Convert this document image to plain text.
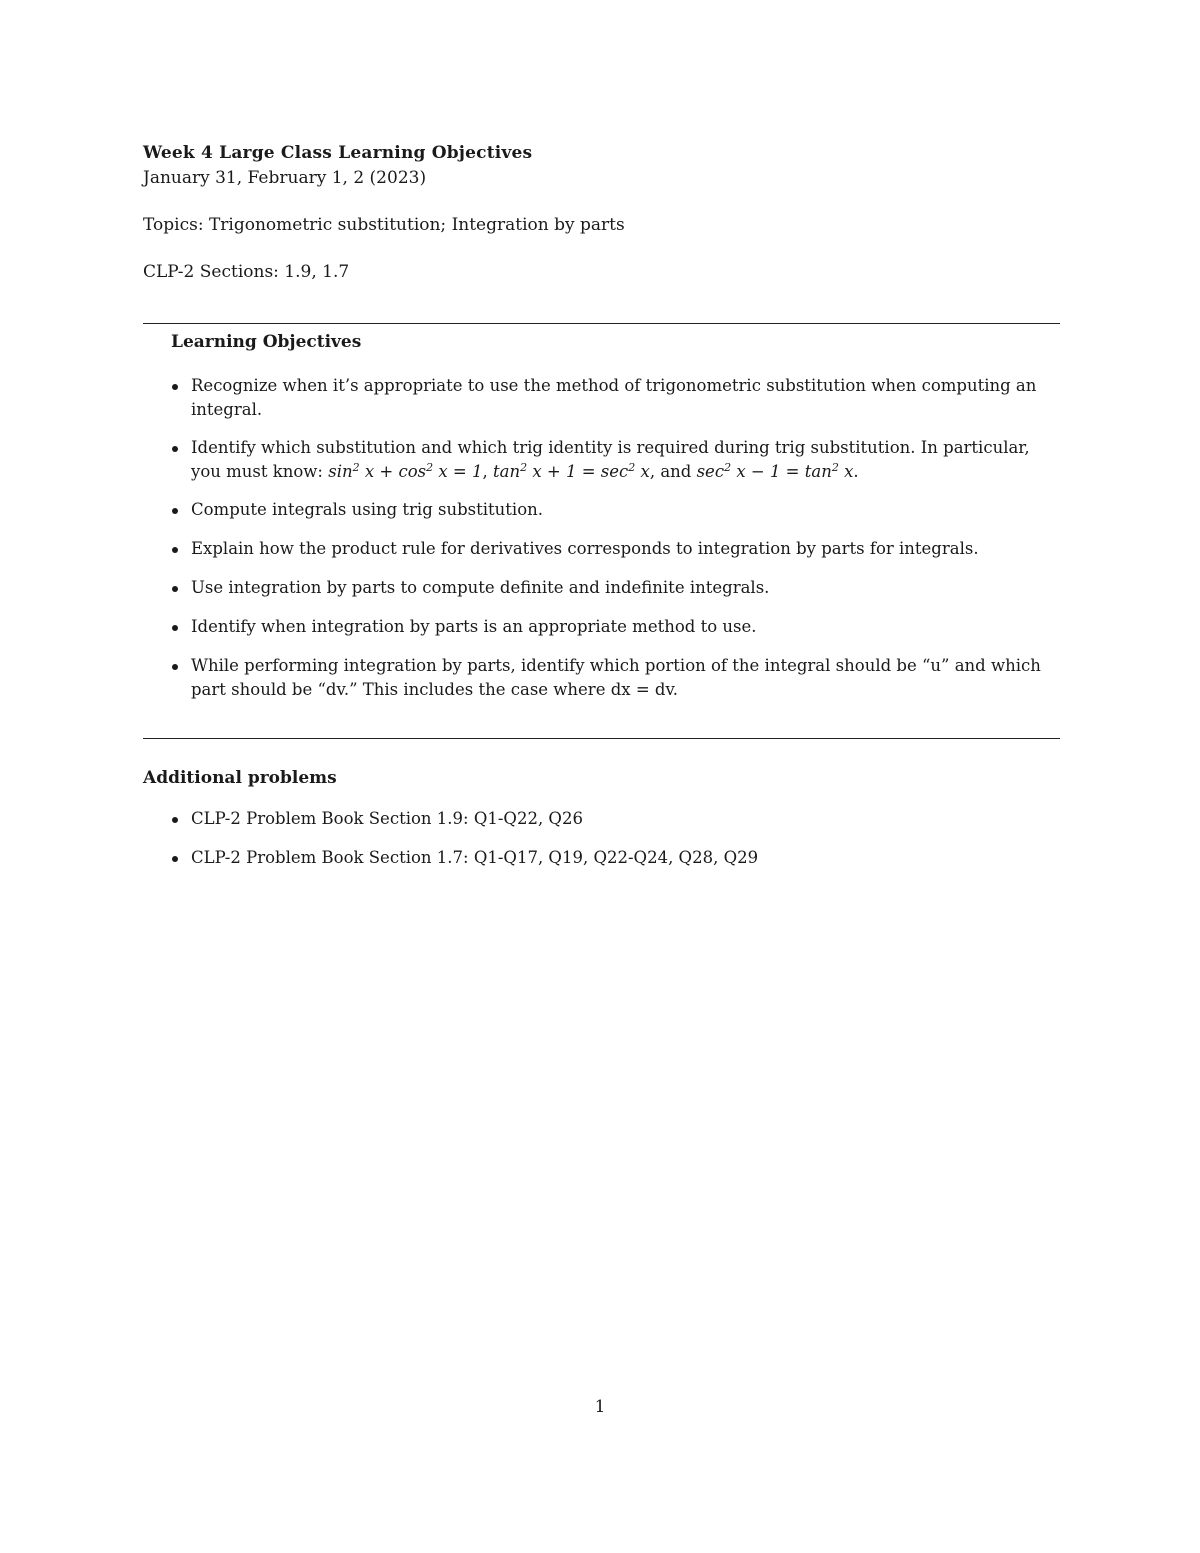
Week 4 Large Class Learning Objectives
January 31, February 1, 2 (2023)
Topics: Trigonometric substitution; Integration by parts
CLP-2 Sections: 1.9, 1.7
Learning Objectives
Recognize when it’s appropriate to use the method of trigonometric substitution when computing an integral.
Identify which substitution and which trig identity is required during trig substitution. In particular, you must know: $\sin^2 x + \cos^2 x = 1$, $\tan^2 x + 1 = \sec^2 x$, and $\sec^2 x - 1 = \tan^2 x$.
Compute integrals using trig substitution.
Explain how the product rule for derivatives corresponds to integration by parts for integrals.
Use integration by parts to compute definite and indefinite integrals.
Identify when integration by parts is an appropriate method to use.
While performing integration by parts, identify which portion of the integral should be “u” and which part should be “dv.” This includes the case where dx = dv.
Additional problems
CLP-2 Problem Book Section 1.9: Q1-Q22, Q26
CLP-2 Problem Book Section 1.7: Q1-Q17, Q19, Q22-Q24, Q28, Q29
1
